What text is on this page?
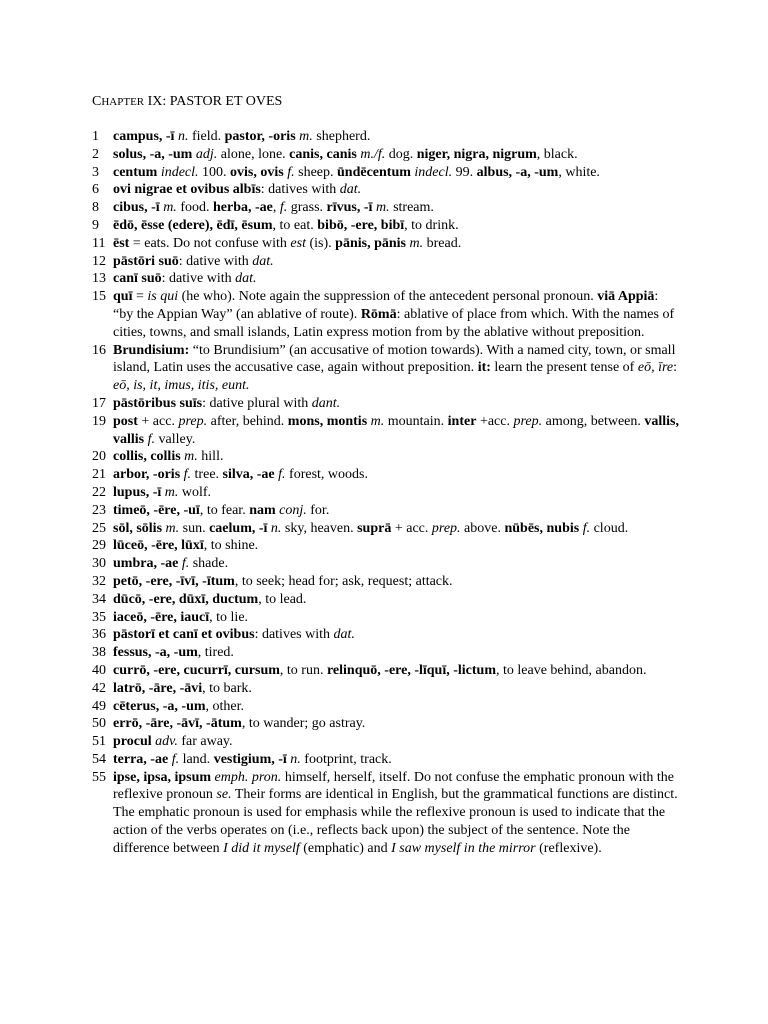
CHAPTER IX: PASTOR ET OVES
1	campus, -ī n. field. pastor, -oris m. shepherd.
2	solus, -a, -um adj. alone, lone. canis, canis m./f. dog. niger, nigra, nigrum, black.
3	centum indecl. 100. ovis, ovis f. sheep. ūndēcentum indecl. 99. albus, -a, -um, white.
6	ovi nigrae et ovibus albīs: datives with dat.
8	cibus, -ī m. food. herba, -ae, f. grass. rīvus, -ī m. stream.
9	ēdō, ēsse (edere), ēdī, ēsum, to eat. bibō, -ere, bibī, to drink.
11 ēst = eats. Do not confuse with est (is). pānis, pānis m. bread.
12 pāstōri suō: dative with dat.
13 canī suō: dative with dat.
15 quī = is qui (he who). Note again the suppression of the antecedent personal pronoun. viā Appiā: “by the Appian Way” (an ablative of route). Rōmā: ablative of place from which. With the names of cities, towns, and small islands, Latin express motion from by the ablative without preposition.
16 Brundisium: “to Brundisium” (an accusative of motion towards). With a named city, town, or small island, Latin uses the accusative case, again without preposition. it: learn the present tense of eō, īre: eō, is, it, imus, itis, eunt.
17 pāstōribus suīs: dative plural with dant.
19 post + acc. prep. after, behind. mons, montis m. mountain. inter +acc. prep. among, between. vallis, vallis f. valley.
20 collis, collis m. hill.
21 arbor, -oris f. tree. silva, -ae f. forest, woods.
22 lupus, -ī m. wolf.
23 timeō, -ēre, -uī, to fear. nam conj. for.
25 sōl, sōlis m. sun. caelum, -ī n. sky, heaven. suprā + acc. prep. above. nūbēs, nubis f. cloud.
29 lūceō, -ēre, lūxī, to shine.
30 umbra, -ae f. shade.
32 petō, -ere, -īvī, -ītum, to seek; head for; ask, request; attack.
34 dūcō, -ere, dūxī, ductum, to lead.
35 iaceō, -ēre, iaucī, to lie.
36 pāstorī et canī et ovibus: datives with dat.
38 fessus, -a, -um, tired.
40 currō, -ere, cucurrī, cursum, to run. relinquō, -ere, -līquī, -lictum, to leave behind, abandon.
42 latrō, -āre, -āvi, to bark.
49 cēterus, -a, -um, other.
50 errō, -āre, -āvī, -ātum, to wander; go astray.
51 procul adv. far away.
54 terra, -ae f. land. vestigium, -ī n. footprint, track.
55 ipse, ipsa, ipsum emph. pron. himself, herself, itself. Do not confuse the emphatic pronoun with the reflexive pronoun se. Their forms are identical in English, but the grammatical functions are distinct. The emphatic pronoun is used for emphasis while the reflexive pronoun is used to indicate that the action of the verbs operates on (i.e., reflects back upon) the subject of the sentence. Note the difference between I did it myself (emphatic) and I saw myself in the mirror (reflexive).
